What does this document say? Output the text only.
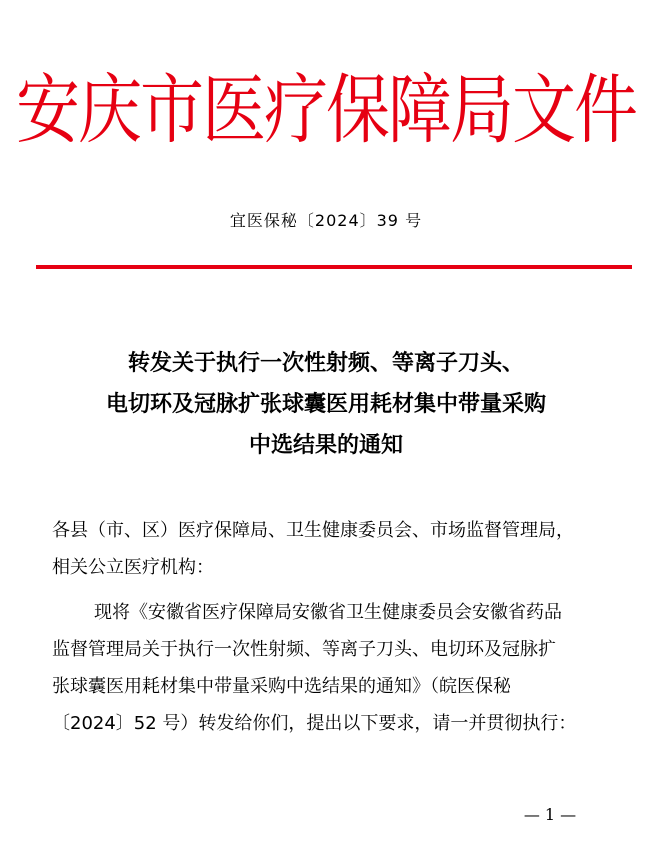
安庆市医疗保障局文件
宜医保秘〔2024〕39 号
转发关于执行一次性射频、等离子刀头、
电切环及冠脉扩张球囊医用耗材集中带量采购
中选结果的通知
各县（市、区）医疗保障局、卫生健康委员会、市场监督管理局，
相关公立医疗机构：
现将《安徽省医疗保障局安徽省卫生健康委员会安徽省药品
监督管理局关于执行一次性射频、等离子刀头、电切环及冠脉扩
张球囊医用耗材集中带量采购中选结果的通知》（皖医保秘
〔2024〕52 号）转发给你们，提出以下要求，请一并贯彻执行：
— 1 —
